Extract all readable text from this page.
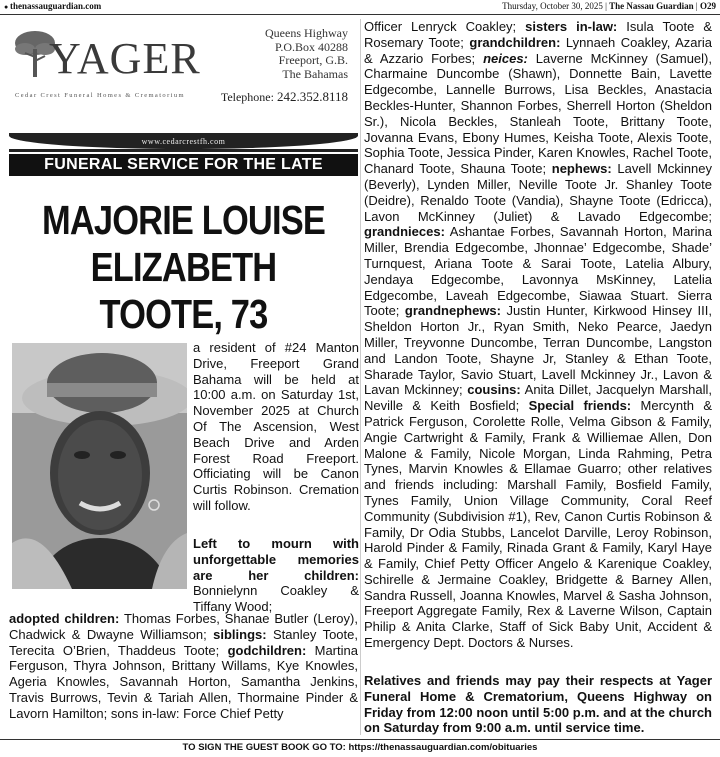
● thenassauguardian.com	Thursday, October 30, 2025 | The Nassau Guardian | O29
YAGER
Cedar Crest Funeral Homes & Crematorium
Queens Highway
P.O.Box 40288
Freeport, G.B.
The Bahamas
Telephone: 242.352.8118
www.cedarcrestfh.com
FUNERAL SERVICE FOR THE LATE
MAJORIE LOUISE
ELIZABETH
TOOTE, 73
a resident of #24 Manton Drive, Freeport Grand Bahama will be held at 10:00 a.m. on Saturday 1st, November 2025 at Church Of The Ascension, West Beach Drive and Arden Forest Road Freeport. Officiating will be Canon Curtis Robinson. Cremation will follow.
Left to mourn with unforgettable memories are her children: Bonnielynn Coakley & Tiffany Wood;
adopted children: Thomas Forbes, Shanae Butler (Leroy), Chadwick & Dwayne Williamson; siblings: Stanley Toote, Terecita O’Brien, Thaddeus Toote; godchildren: Martina Ferguson, Thyra Johnson, Brittany Willams, Kye Knowles, Ageria Knowles, Savannah Horton, Samantha Jenkins, Travis Burrows, Tevin & Tariah Allen, Thormaine Pinder & Lavorn Hamilton; sons in-law: Force Chief Petty
Officer Lenryck Coakley; sisters in-law: Isula Toote & Rosemary Toote; grandchildren: Lynnaeh Coakley, Azaria & Azzario Forbes; neices: Laverne McKinney (Samuel), Charmaine Duncombe (Shawn), Donnette Bain, Lavette Edgecombe, Lannelle Burrows, Lisa Beckles, Anastacia Beckles-Hunter, Shannon Forbes, Sherrell Horton (Sheldon Sr.), Nicola Beckles, Stanleah Toote, Brittany Toote, Jovanna Evans, Ebony Humes, Keisha Toote, Alexis Toote, Sophia Toote, Jessica Pinder, Karen Knowles, Rachel Toote, Chanard Toote, Shauna Toote; nephews: Lavell Mckinney (Beverly), Lynden Miller, Neville Toote Jr. Shanley Toote (Deidre), Renaldo Toote (Vandia), Shayne Toote (Edricca), Lavon McKinney (Juliet) & Lavado Edgecombe; grandnieces: Ashantae Forbes, Savannah Horton, Marina Miller, Brendia Edgecombe, Jhonnae’ Edgecombe, Shade’ Turnquest, Ariana Toote & Sarai Toote, Latelia Albury, Jendaya Edgecombe, Lavonnya MsKinney, Latelia Edgecombe, Laveah Edgecombe, Siawaa Stuart. Sierra Toote; grandnephews: Justin Hunter, Kirkwood Hinsey III, Sheldon Horton Jr., Ryan Smith, Neko Pearce, Jaedyn Miller, Treyvonne Duncombe, Terran Duncombe, Langston and Landon Toote, Shayne Jr, Stanley & Ethan Toote, Sharade Taylor, Savio Stuart, Lavell Mckinney Jr., Lavon & Lavan Mckinney; cousins: Anita Dillet, Jacquelyn Marshall, Neville & Keith Bosfield; Special friends: Mercynth & Patrick Ferguson, Corolette Rolle, Velma Gibson & Family, Angie Cartwright & Family, Frank & Williemae Allen, Don Malone & Family, Nicole Morgan, Linda Rahming, Petra Tynes, Marvin Knowles & Ellamae Guarro; other relatives and friends including: Marshall Family, Bosfield Family, Tynes Family, Union Village Community, Coral Reef Community (Subdivision #1), Rev, Canon Curtis Robinson & Family, Dr Odia Stubbs, Lancelot Darville, Leroy Robinson, Harold Pinder & Family, Rinada Grant & Family, Karyl Haye & Family, Chief Petty Officer Angelo & Karenique Coakley, Schirelle & Jermaine Coakley, Bridgette & Barney Allen, Sandra Russell, Joanna Knowles, Marvel & Sasha Johnson, Freeport Aggregate Family, Rex & Laverne Wilson, Captain Philip & Anita Clarke, Staff of Sick Baby Unit, Accident & Emergency Dept. Doctors & Nurses.
Relatives and friends may pay their respects at Yager Funeral Home & Crematorium, Queens Highway on Friday from 12:00 noon until 5:00 p.m. and at the church on Saturday from 9:00 a.m. until service time.
TO SIGN THE GUEST BOOK GO TO: https://thenassauguardian.com/obituaries
